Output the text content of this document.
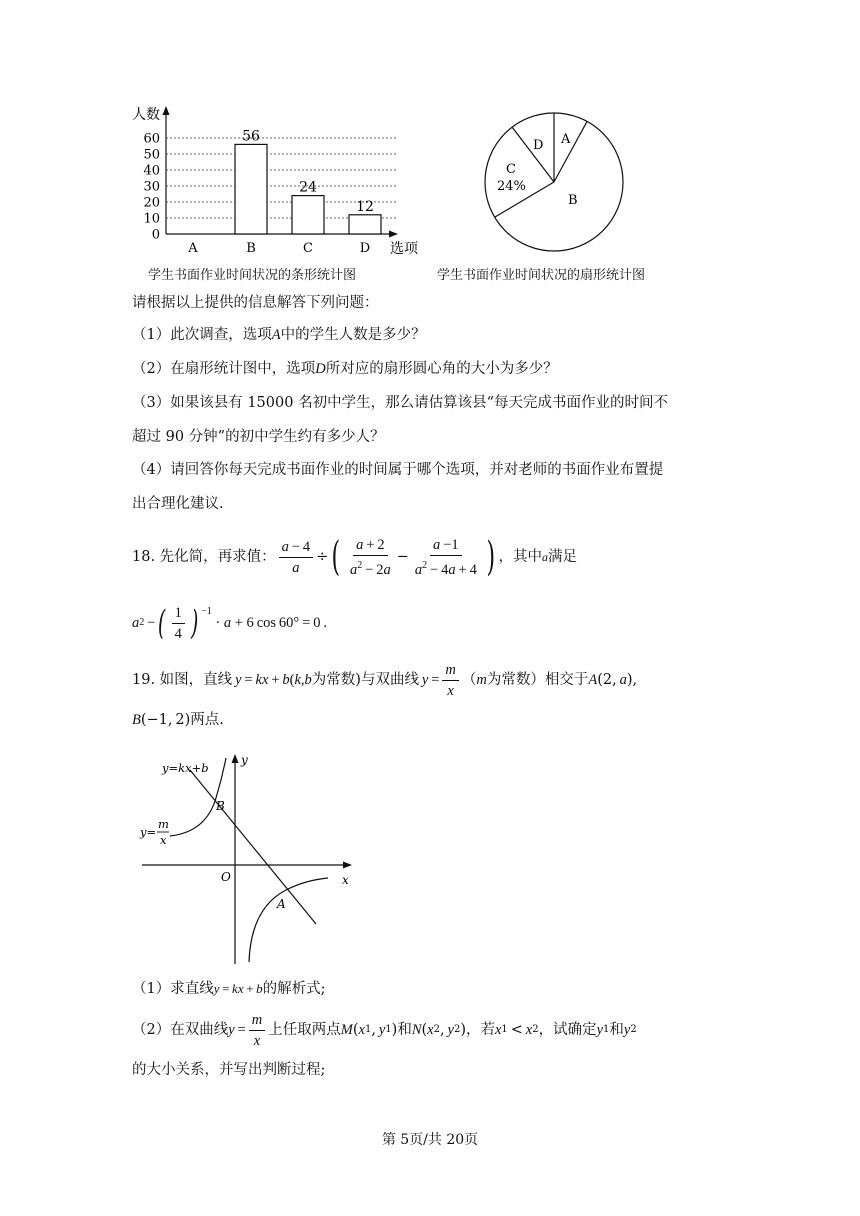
人数
0
10
20
30
40
50
60	56
24
12
A	B	C	D 选项
学生书面作业时间状况的条形统计图
D A
C
24%
B
学生书面作业时间状况的扇形统计图
请根据以上提供的信息解答下列问题：
（1）此次调查，选项A中的学生人数是多少？
（2）在扇形统计图中，选项D所对应的扇形圆心角的大小为多少？
（3）如果该县有 15000 名初中学生，那么请估算该县“每天完成书面作业的时间不
超过 90 分钟”的初中学生约有多少人？
（4）请回答你每天完成书面作业的时间属于哪个选项，并对老师的书面作业布置提
出合理化建议.
18.
先化简，再求值： $\frac{a - 4}{a}$ ÷ ( $\frac{a + 2}{a^2 - 2a} - \frac{a -1}{a^2 - 4a + 4}$ ) ，其中 a 满足
a 2
  − ( $\frac{1}{4}$ ) $^{-1}$
· a + 6 cos 60° = 0 .
19.
如图，直线  y = kx + b(k,b 为常数)与双曲线  $y = \frac{m}{x}$ （ m 为常数）相交于 A (2,  a ) ,
B(−1, 2)两点.
y=kx+b
y=
m
x
y
x
O
B
A
（1）求直线y = kx + b的解析式;
（2）在双曲线 $y = \frac{m}{x}$ 上任取两点 M ( x 1 ,  y 1 ) 和 N ( x 2 ,  y 2 ) ，若 x 1  <  x 2 ，试确定 y 1 和 y 2
的大小关系，并写出判断过程;
第 5页/共 20页
